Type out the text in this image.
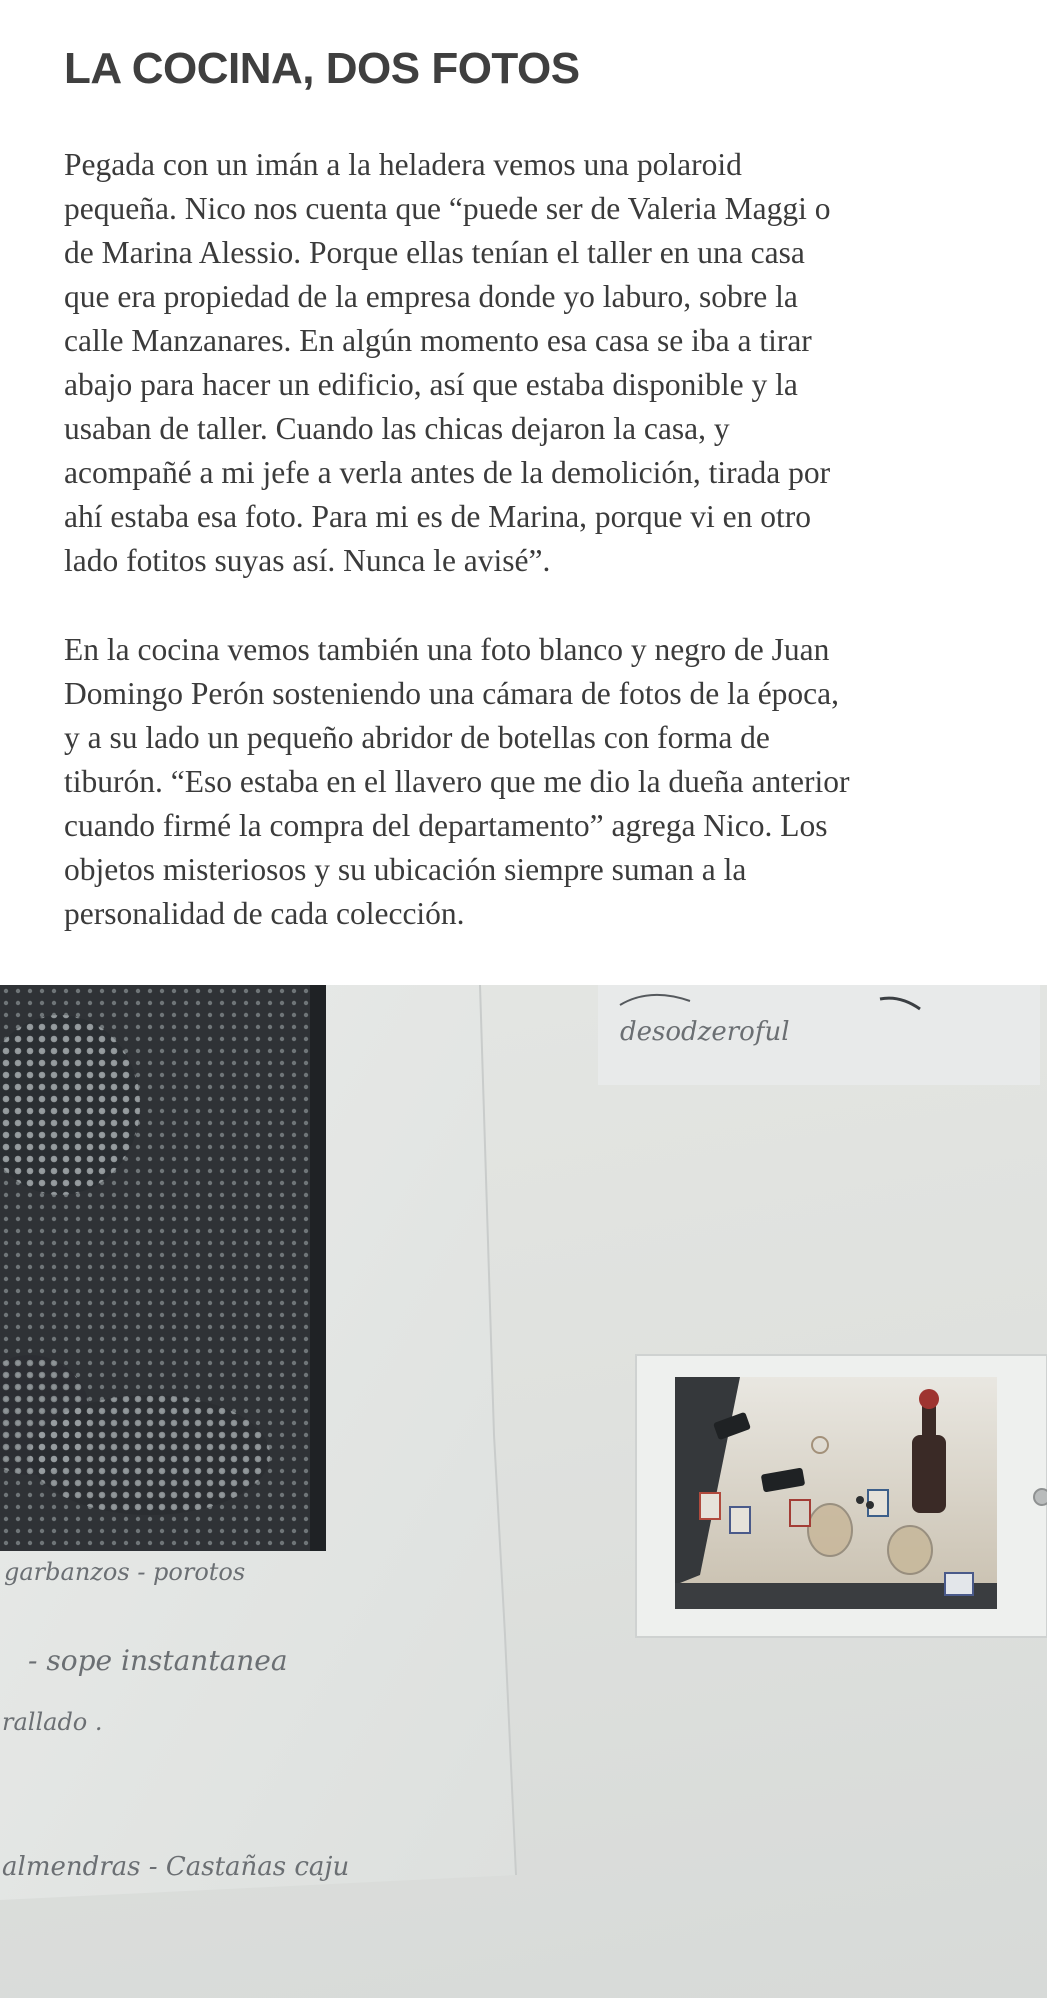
LA COCINA, DOS FOTOS

Pegada con un imán a la heladera vemos una polaroid
pequeña. Nico nos cuenta que “puede ser de Valeria Maggi o
de Marina Alessio. Porque ellas tenían el taller en una casa
que era propiedad de la empresa donde yo laburo, sobre la
calle Manzanares. En algún momento esa casa se iba a tirar
abajo para hacer un edificio, así que estaba disponible y la
usaban de taller. Cuando las chicas dejaron la casa, y
acompañé a mi jefe a verla antes de la demolición, tirada por
ahí estaba esa foto. Para mi es de Marina, porque vi en otro
lado fotitos suyas así. Nunca le avisé”.

En la cocina vemos también una foto blanco y negro de Juan
Domingo Perón sosteniendo una cámara de fotos de la época,
y a su lado un pequeño abridor de botellas con forma de
tiburón. “Eso estaba en el llavero que me dio la dueña anterior
cuando firmé la compra del departamento” agrega Nico. Los
objetos misteriosos y su ubicación siempre suman a la
personalidad de cada colección.

desodzeroful
garbanzos - porotos
- sope instantanea
rallado .
almendras - Castañas caju
